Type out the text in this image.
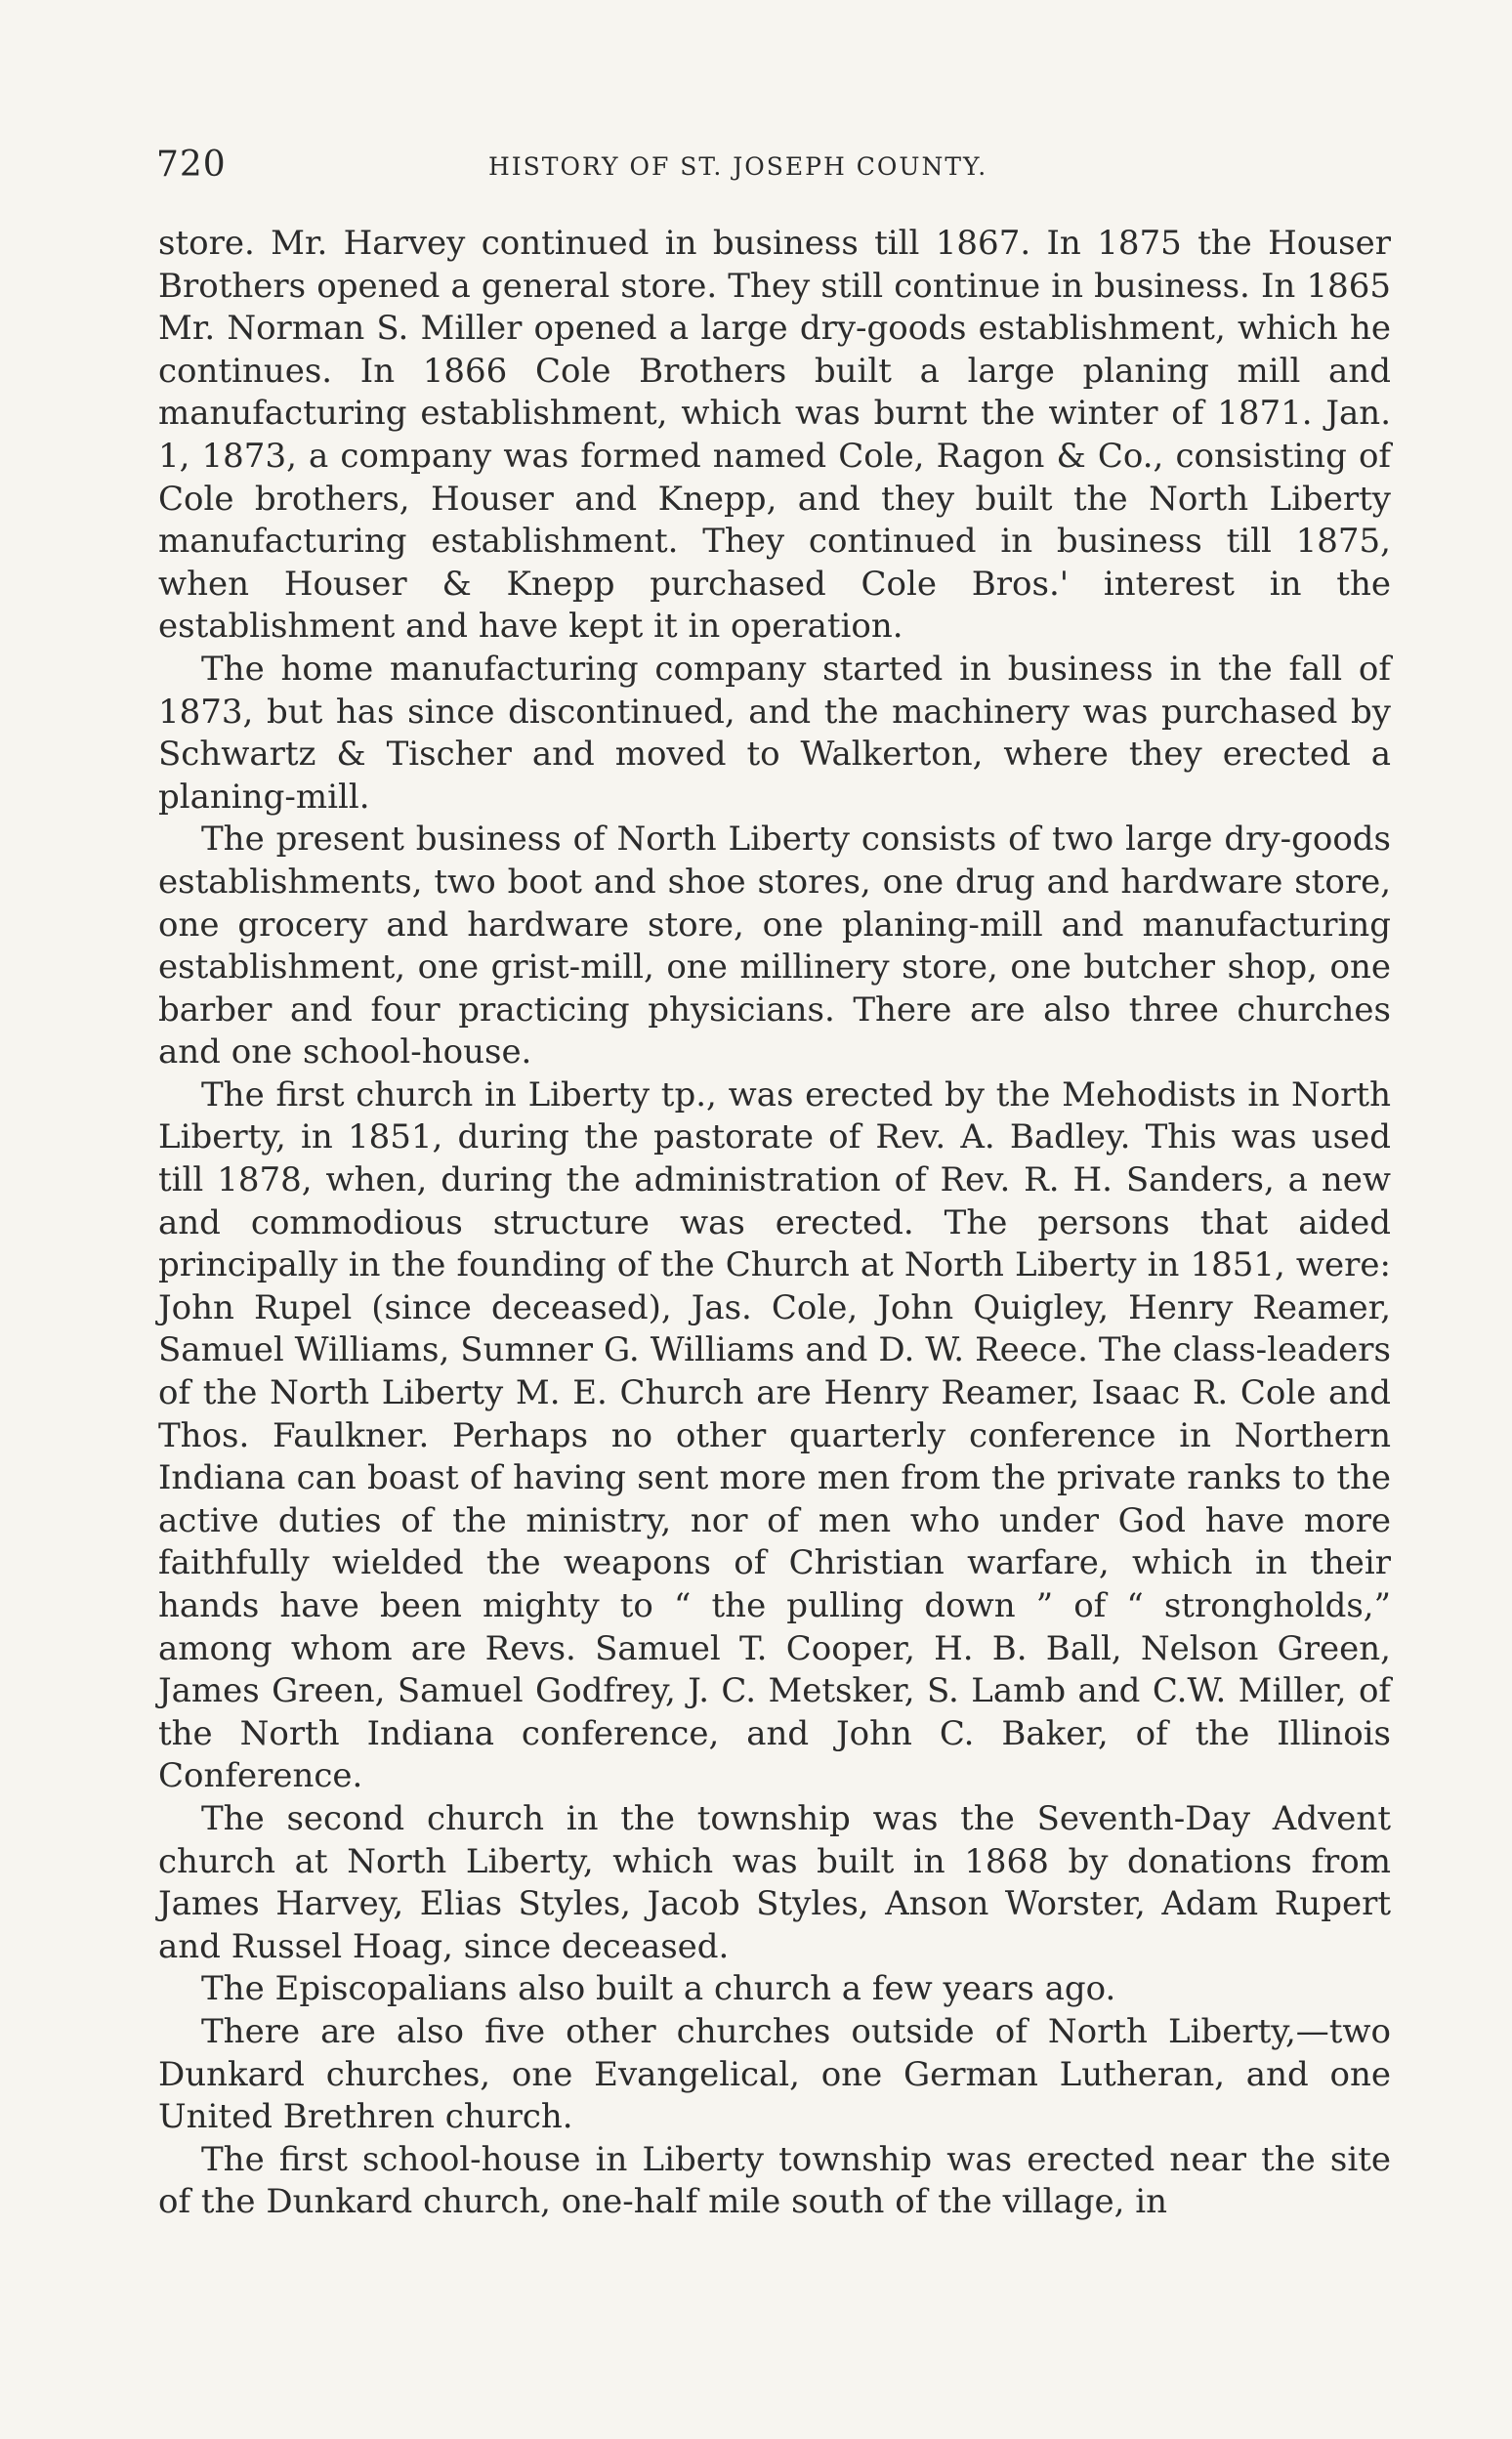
720	HISTORY OF ST. JOSEPH COUNTY.

store. Mr. Harvey continued in business till 1867. In 1875 the Houser Brothers opened a general store. They still continue in business. In 1865 Mr. Norman S. Miller opened a large dry-goods establishment, which he continues. In 1866 Cole Brothers built a large planing mill and manufacturing establishment, which was burnt the winter of 1871. Jan. 1, 1873, a company was formed named Cole, Ragon & Co., consisting of Cole brothers, Houser and Knepp, and they built the North Liberty manufacturing establishment. They continued in business till 1875, when Houser & Knepp purchased Cole Bros.' interest in the establishment and have kept it in operation.

The home manufacturing company started in business in the fall of 1873, but has since discontinued, and the machinery was purchased by Schwartz & Tischer and moved to Walkerton, where they erected a planing-mill.

The present business of North Liberty consists of two large dry-goods establishments, two boot and shoe stores, one drug and hardware store, one grocery and hardware store, one planing-mill and manufacturing establishment, one grist-mill, one millinery store, one butcher shop, one barber and four practicing physicians. There are also three churches and one school-house.

The first church in Liberty tp., was erected by the Mehodists in North Liberty, in 1851, during the pastorate of Rev. A. Badley. This was used till 1878, when, during the administration of Rev. R. H. Sanders, a new and commodious structure was erected. The persons that aided principally in the founding of the Church at North Liberty in 1851, were: John Rupel (since deceased), Jas. Cole, John Quigley, Henry Reamer, Samuel Williams, Sumner G. Williams and D. W. Reece. The class-leaders of the North Liberty M. E. Church are Henry Reamer, Isaac R. Cole and Thos. Faulkner. Perhaps no other quarterly conference in Northern Indiana can boast of having sent more men from the private ranks to the active duties of the ministry, nor of men who under God have more faithfully wielded the weapons of Christian warfare, which in their hands have been mighty to “ the pulling down ” of “ strongholds,” among whom are Revs. Samuel T. Cooper, H. B. Ball, Nelson Green, James Green, Samuel Godfrey, J. C. Metsker, S. Lamb and C.W. Miller, of the North Indiana conference, and John C. Baker, of the Illinois Conference.

The second church in the township was the Seventh-Day Advent church at North Liberty, which was built in 1868 by donations from James Harvey, Elias Styles, Jacob Styles, Anson Worster, Adam Rupert and Russel Hoag, since deceased.

The Episcopalians also built a church a few years ago.

There are also five other churches outside of North Liberty,—two Dunkard churches, one Evangelical, one German Lutheran, and one United Brethren church.

The first school-house in Liberty township was erected near the site of the Dunkard church, one-half mile south of the village, in
